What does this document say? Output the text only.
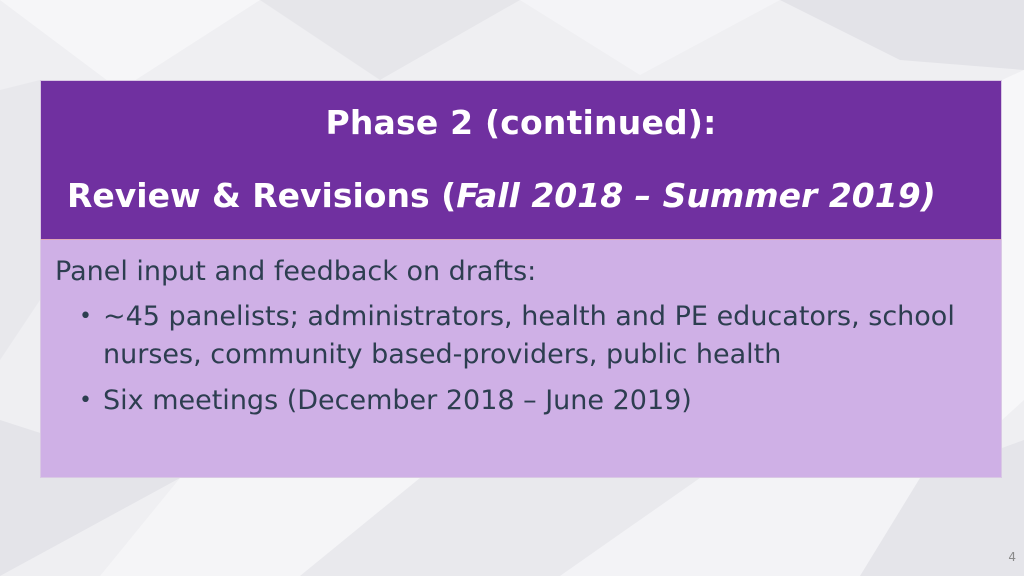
Phase 2 (continued):
Review & Revisions (Fall 2018 – Summer 2019)
Panel input and feedback on drafts:
• ~45 panelists; administrators, health and PE educators, school nurses, community based-providers, public health
• Six meetings (December 2018 – June 2019)
4
